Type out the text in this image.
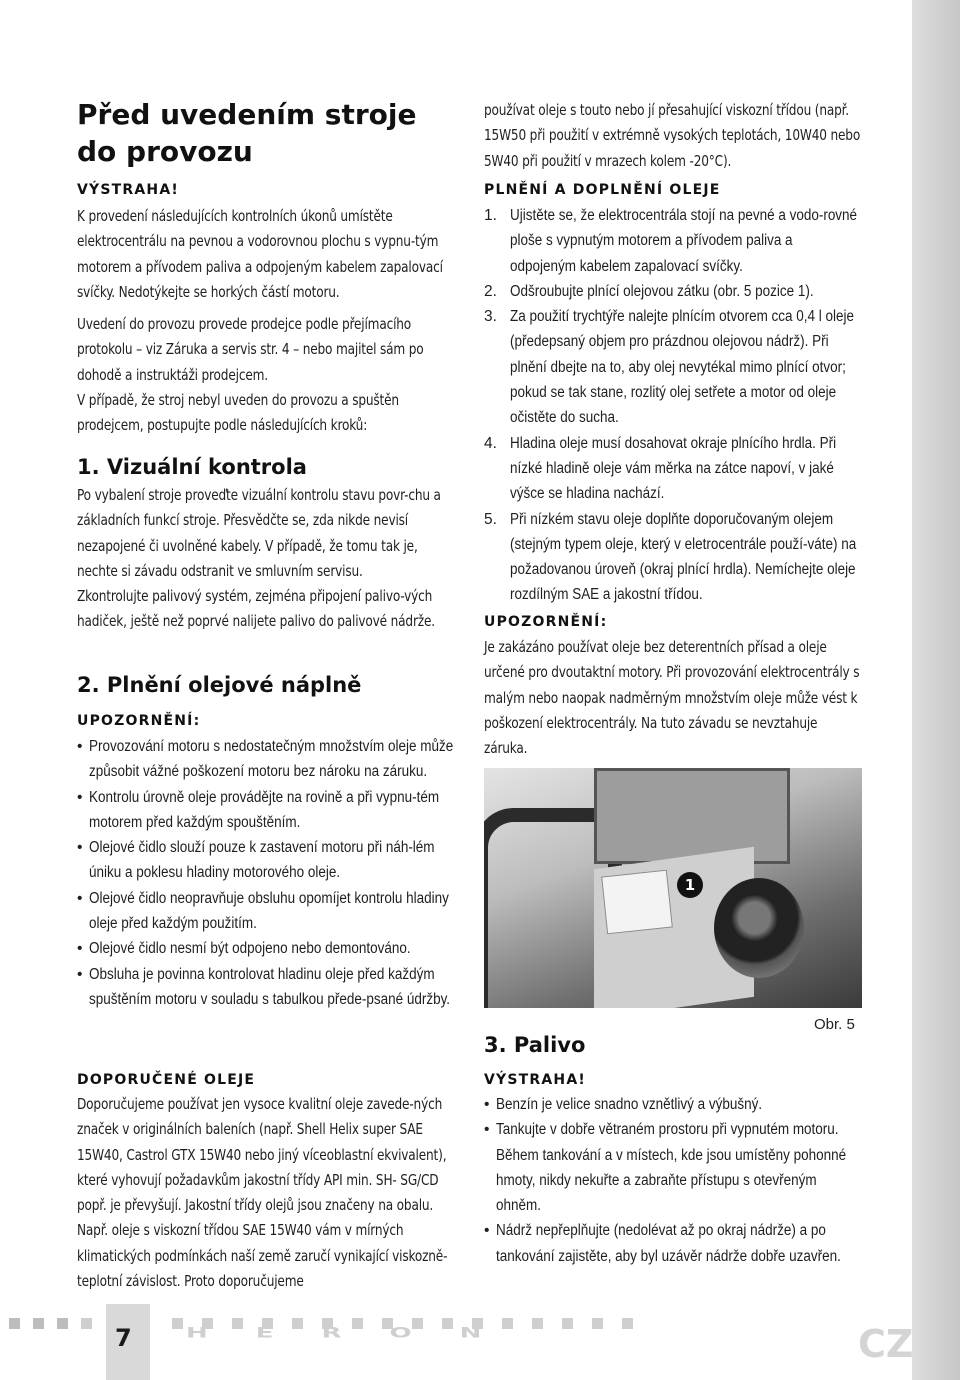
Před uvedením stroje do provozu
VÝSTRAHA!

K provedení následujících kontrolních úkonů umístěte elektrocentrálu na pevnou a vodorovnou plochu s vypnu-tým motorem a přívodem paliva a odpojeným kabelem zapalovací svíčky. Nedotýkejte se horkých částí motoru.

Uvedení do provozu provede prodejce podle přejímacího protokolu – viz Záruka a servis str. 4 – nebo majitel sám po dohodě a instruktáži prodejcem.

V případě, že stroj nebyl uveden do provozu a spuštěn prodejcem, postupujte podle následujících kroků:

1. Vizuální kontrola

Po vybalení stroje proveďte vizuální kontrolu stavu povr-chu a základních funkcí stroje. Přesvědčte se, zda nikde nevisí nezapojené či uvolněné kabely. V případě, že tomu tak je, nechte si závadu odstranit ve smluvním servisu.

Zkontrolujte palivový systém, zejména připojení palivo-vých hadiček, ještě než poprvé nalijete palivo do palivové nádrže.

2. Plnění olejové náplně
UPOZORNĚNÍ:
• Provozování motoru s nedostatečným množstvím oleje může způsobit vážné poškození motoru bez nároku na záruku.
• Kontrolu úrovně oleje provádějte na rovině a při vypnu-tém motorem před každým spouštěním.
• Olejové čidlo slouží pouze k zastavení motoru při náh-lém úniku a poklesu hladiny motorového oleje.
• Olejové čidlo neopravňuje obsluhu opomíjet kontrolu hladiny oleje před každým použitím.
• Olejové čidlo nesmí být odpojeno nebo demontováno.
• Obsluha je povinna kontrolovat hladinu oleje před každým spuštěním motoru v souladu s tabulkou přede-psané údržby.
DOPORUČENÉ OLEJE

Doporučujeme používat jen vysoce kvalitní oleje zavede-ných značek v originálních baleních (např. Shell Helix super SAE 15W40, Castrol GTX 15W40 nebo jiný víceoblastní ekvivalent), které vyhovují požadavkům jakostní třídy API min. SH- SG/CD popř. je převyšují. Jakostní třídy olejů jsou značeny na obalu. Např. oleje s viskozní třídou SAE 15W40 vám v mírných klimatických podmínkách naší země zaručí vynikající viskozně-teplotní závislost. Proto doporučujeme

používat oleje s touto nebo jí přesahující viskozní třídou (např. 15W50 při použití v extrémně vysokých teplotách, 10W40 nebo 5W40 při použití v mrazech kolem -20°C).

PLNĚNÍ A DOPLNĚNÍ OLEJE
1. Ujistěte se, že elektrocentrála stojí na pevné a vodo-rovné ploše s vypnutým motorem a přívodem paliva a odpojeným kabelem zapalovací svíčky.
2. Odšroubujte plnící olejovou zátku (obr. 5 pozice 1).
3. Za použití trychtýře nalejte plnícím otvorem cca 0,4 l oleje (předepsaný objem pro prázdnou olejovou nádrž). Při plnění dbejte na to, aby olej nevytékal mimo plnící otvor; pokud se tak stane, rozlitý olej setřete a motor od oleje očistěte do sucha.
4. Hladina oleje musí dosahovat okraje plnícího hrdla. Při nízké hladině oleje vám měrka na zátce napoví, v jaké výšce se hladina nachází.
5. Při nízkém stavu oleje doplňte doporučovaným olejem (stejným typem oleje, který v eletrocentrále použí-váte) na požadovanou úroveň (okraj plnící hrdla). Nemíchejte oleje rozdílným SAE a jakostní třídou.
UPOZORNĚNÍ:

Je zakázáno používat oleje bez deterentních přísad a oleje určené pro dvoutaktní motory. Při provozování elektrocentrály s malým nebo naopak nadměrným množstvím oleje může vést k poškození elektrocentrály. Na tuto závadu se nevztahuje záruka.

1
Obr. 5
3. Palivo
VÝSTRAHA!
• Benzín je velice snadno vznětlivý a výbušný.
• Tankujte v dobře větraném prostoru při vypnutém motoru. Během tankování a v místech, kde jsou umístěny pohonné hmoty, nikdy nekuřte a zabraňte přístupu s otevřeným ohněm.
• Nádrž nepřeplňujte (nedolévat až po okraj nádrže) a po tankování zajistěte, aby byl uzávěr nádrže dobře uzavřen.
7 HERON	CZ
